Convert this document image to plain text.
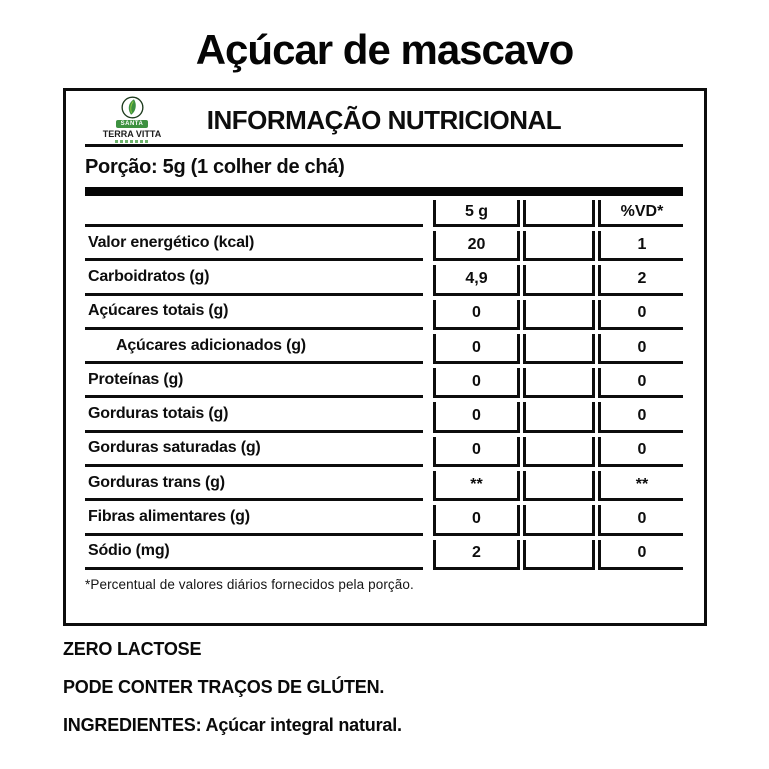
Açúcar de mascavo
SANTA
TERRA VITTA INFORMAÇÃO NUTRICIONAL
Porção: 5g (1 colher de chá)
5 g	%VD*
Valor energético (kcal)	20	1
Carboidratos (g)	4,9	2
Açúcares totais (g)	0	0
Açúcares adicionados (g)	0	0
Proteínas (g)	0	0
Gorduras totais (g)	0	0
Gorduras saturadas (g)	0	0
Gorduras trans (g)	**	**
Fibras alimentares (g)	0	0
Sódio (mg)	2	0
*Percentual de valores diários fornecidos pela porção.
ZERO LACTOSE
PODE CONTER TRAÇOS DE GLÚTEN.
INGREDIENTES: Açúcar integral natural.
